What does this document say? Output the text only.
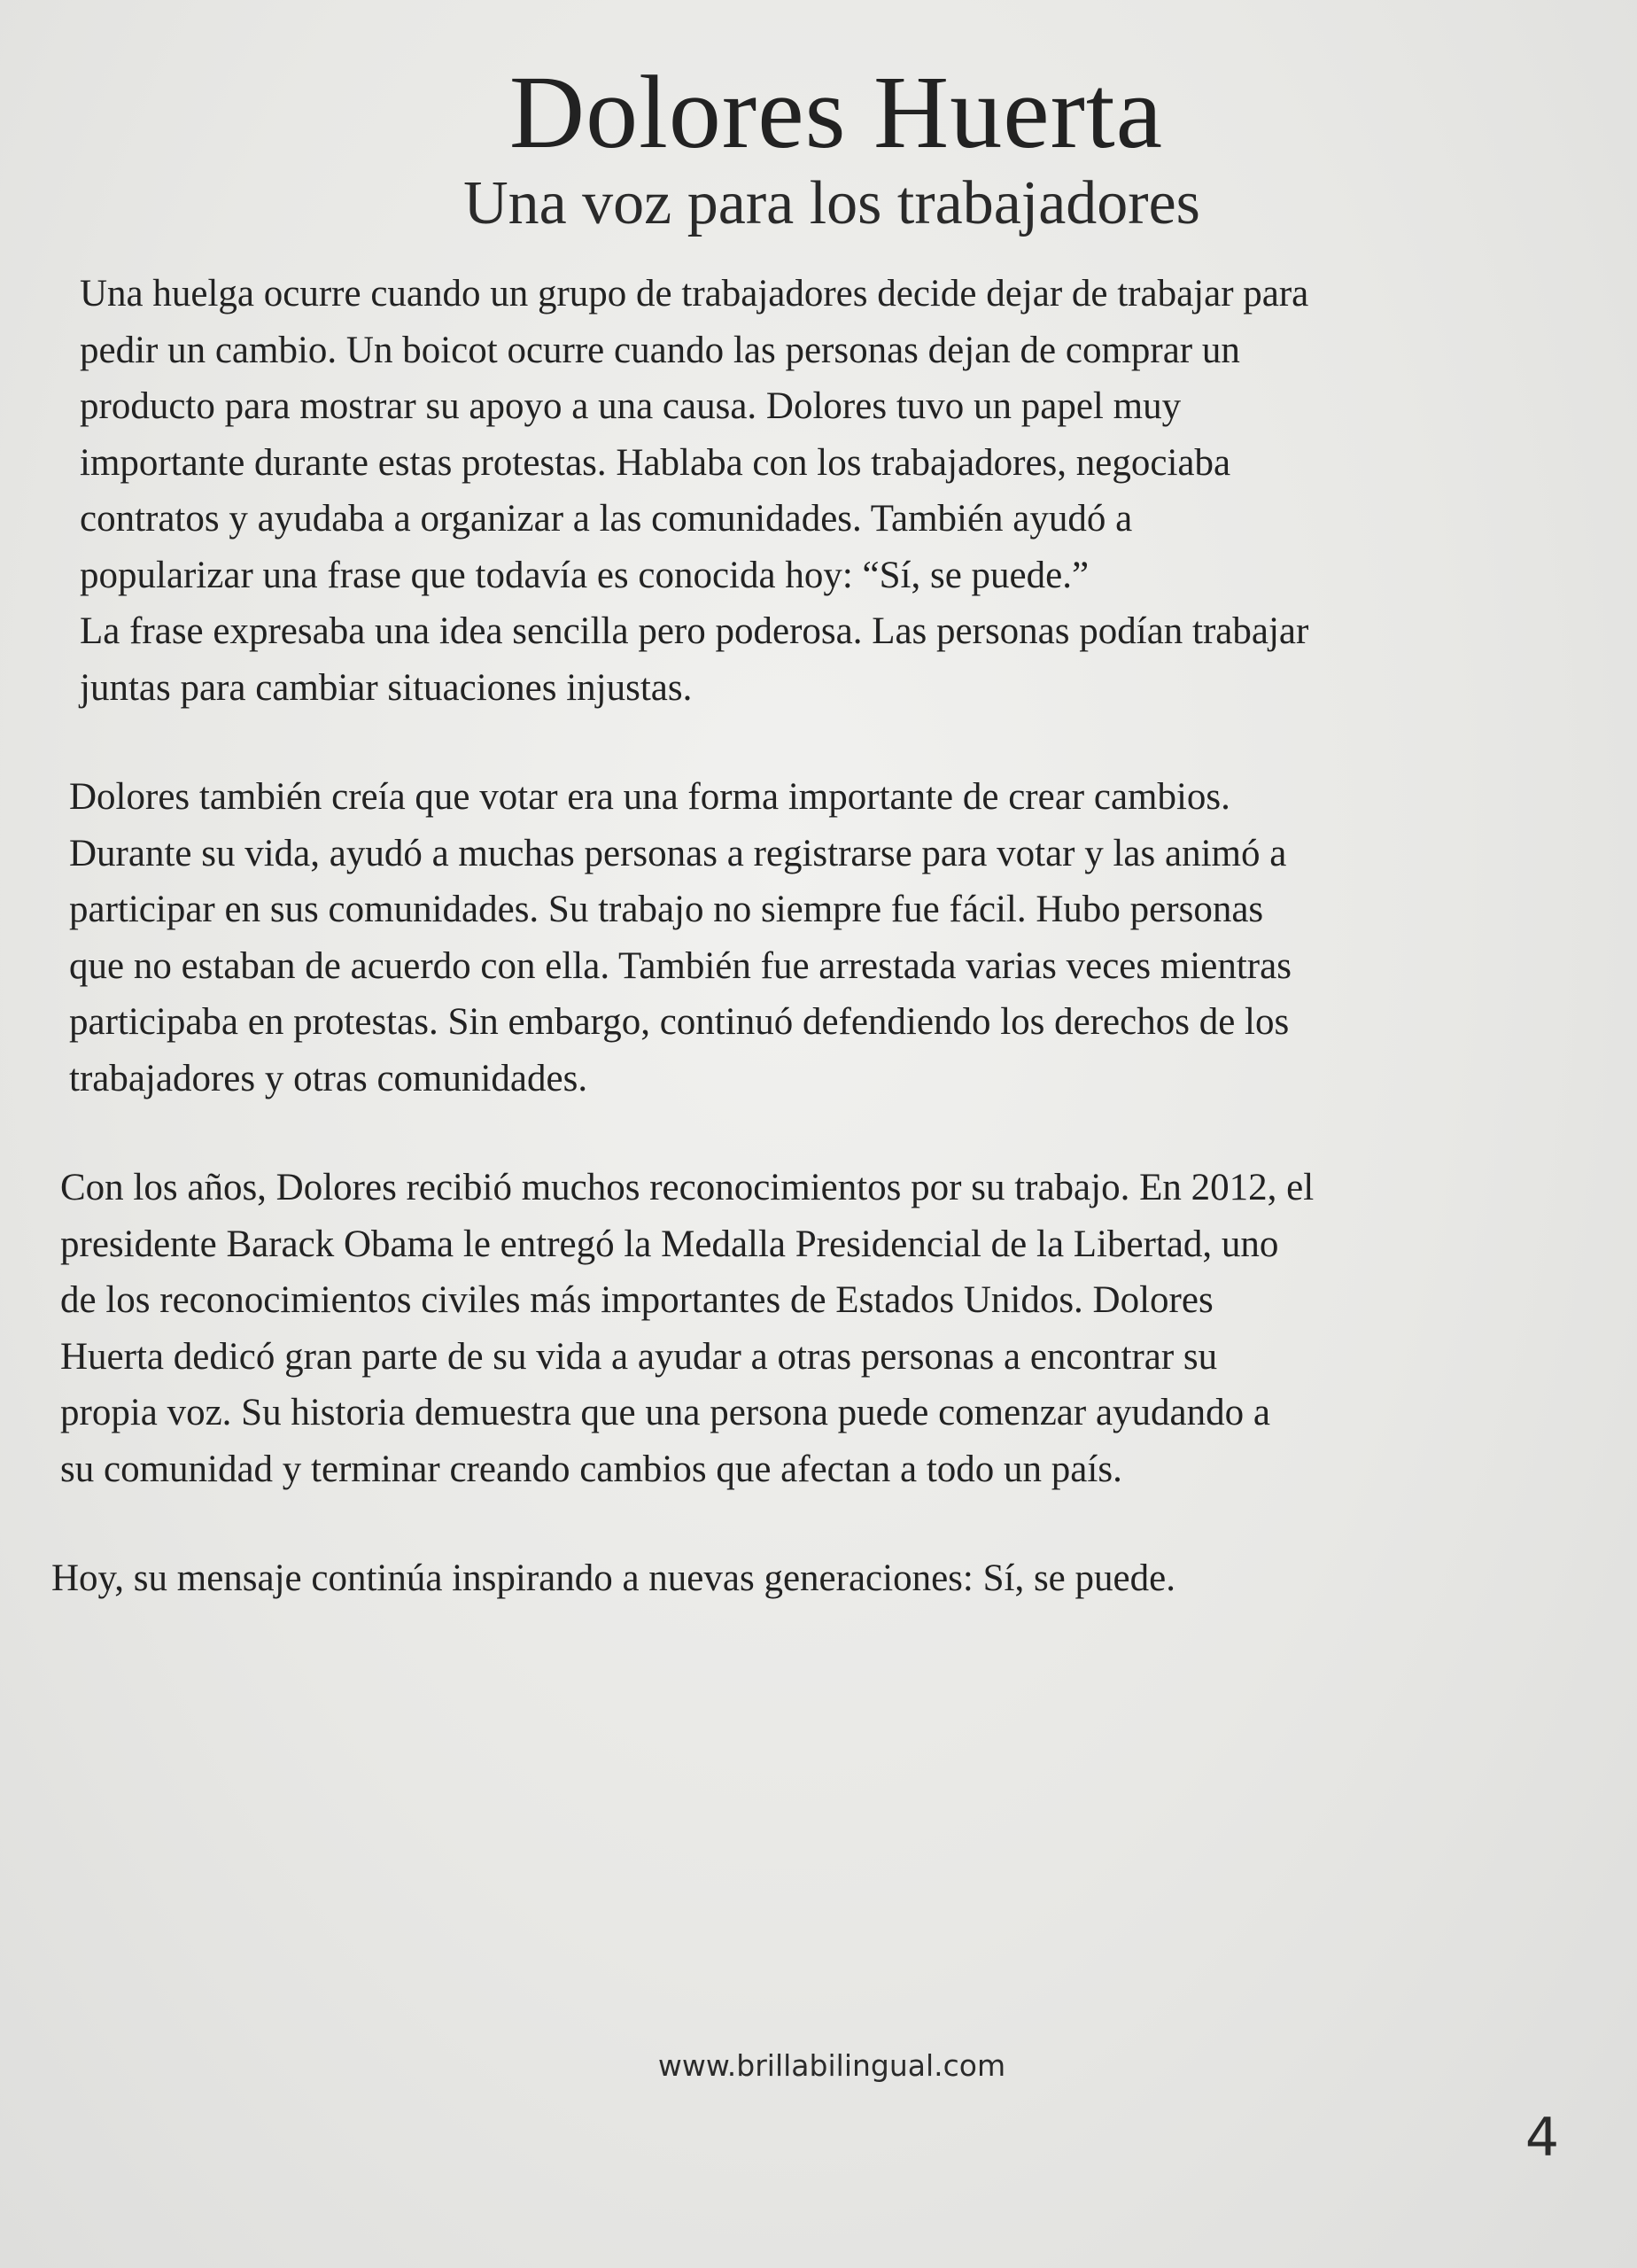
Dolores Huerta
Una voz para los trabajadores

Una huelga ocurre cuando un grupo de trabajadores decide dejar de trabajar para
pedir un cambio. Un boicot ocurre cuando las personas dejan de comprar un
producto para mostrar su apoyo a una causa. Dolores tuvo un papel muy
importante durante estas protestas. Hablaba con los trabajadores, negociaba
contratos y ayudaba a organizar a las comunidades. También ayudó a
popularizar una frase que todavía es conocida hoy: “Sí, se puede.”
La frase expresaba una idea sencilla pero poderosa. Las personas podían trabajar
juntas para cambiar situaciones injustas.

Dolores también creía que votar era una forma importante de crear cambios.
Durante su vida, ayudó a muchas personas a registrarse para votar y las animó a
participar en sus comunidades. Su trabajo no siempre fue fácil. Hubo personas
que no estaban de acuerdo con ella. También fue arrestada varias veces mientras
participaba en protestas. Sin embargo, continuó defendiendo los derechos de los
trabajadores y otras comunidades.

Con los años, Dolores recibió muchos reconocimientos por su trabajo. En 2012, el
presidente Barack Obama le entregó la Medalla Presidencial de la Libertad, uno
de los reconocimientos civiles más importantes de Estados Unidos. Dolores
Huerta dedicó gran parte de su vida a ayudar a otras personas a encontrar su
propia voz. Su historia demuestra que una persona puede comenzar ayudando a
su comunidad y terminar creando cambios que afectan a todo un país.

Hoy, su mensaje continúa inspirando a nuevas generaciones: Sí, se puede.

www.brillabilingual.com
4
